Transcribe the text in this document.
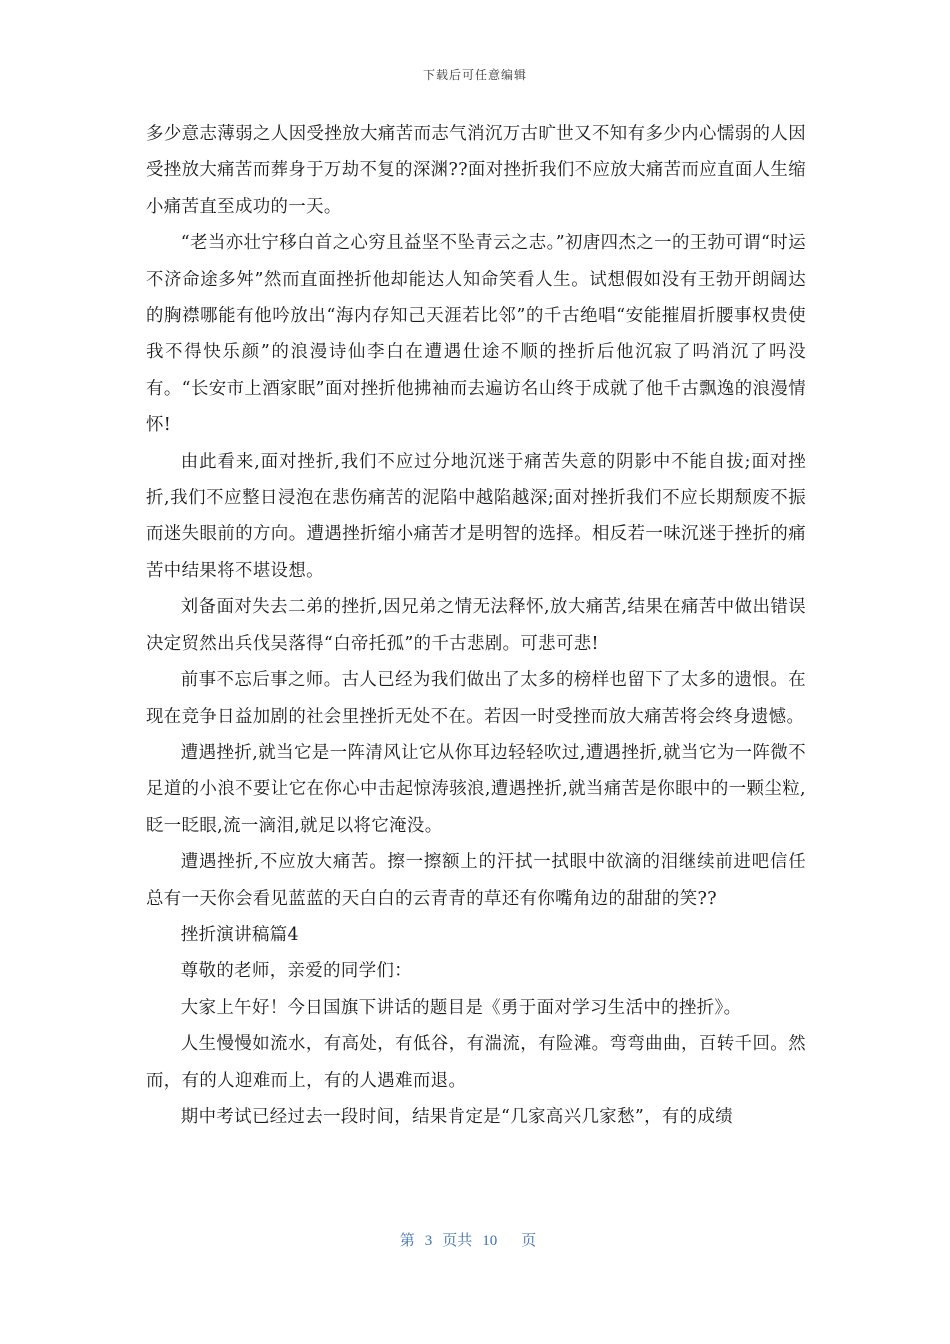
下载后可任意编辑

多少意志薄弱之人因受挫放大痛苦而志气消沉万古旷世又不知有多少内心懦弱的人因受挫放大痛苦而葬身于万劫不复的深渊??面对挫折我们不应放大痛苦而应直面人生缩小痛苦直至成功的一天。

“老当亦壮宁移白首之心穷且益坚不坠青云之志。”初唐四杰之一的王勃可谓“时运不济命途多舛”然而直面挫折他却能达人知命笑看人生。试想假如没有王勃开朗阔达的胸襟哪能有他吟放出“海内存知己天涯若比邻”的千古绝唱“安能摧眉折腰事权贵使我不得快乐颜”的浪漫诗仙李白在遭遇仕途不顺的挫折后他沉寂了吗消沉了吗没有。“长安市上酒家眠”面对挫折他拂袖而去遍访名山终于成就了他千古飘逸的浪漫情怀!

由此看来,面对挫折,我们不应过分地沉迷于痛苦失意的阴影中不能自拔;面对挫折,我们不应整日浸泡在悲伤痛苦的泥陷中越陷越深;面对挫折我们不应长期颓废不振而迷失眼前的方向。遭遇挫折缩小痛苦才是明智的选择。相反若一味沉迷于挫折的痛苦中结果将不堪设想。

刘备面对失去二弟的挫折,因兄弟之情无法释怀,放大痛苦,结果在痛苦中做出错误决定贸然出兵伐吴落得“白帝托孤”的千古悲剧。可悲可悲!

前事不忘后事之师。古人已经为我们做出了太多的榜样也留下了太多的遗恨。在现在竞争日益加剧的社会里挫折无处不在。若因一时受挫而放大痛苦将会终身遗憾。

遭遇挫折,就当它是一阵清风让它从你耳边轻轻吹过,遭遇挫折,就当它为一阵微不足道的小浪不要让它在你心中击起惊涛骇浪,遭遇挫折,就当痛苦是你眼中的一颗尘粒,眨一眨眼,流一滴泪,就足以将它淹没。

遭遇挫折,不应放大痛苦。擦一擦额上的汗拭一拭眼中欲滴的泪继续前进吧信任总有一天你会看见蓝蓝的天白白的云青青的草还有你嘴角边的甜甜的笑??

挫折演讲稿篇4

尊敬的老师，亲爱的同学们：

大家上午好！今日国旗下讲话的题目是《勇于面对学习生活中的挫折》。

人生慢慢如流水，有高处，有低谷，有湍流，有险滩。弯弯曲曲，百转千回。然而，有的人迎难而上，有的人遇难而退。

期中考试已经过去一段时间，结果肯定是“几家高兴几家愁”，有的成绩

第 3 页共 10 页
